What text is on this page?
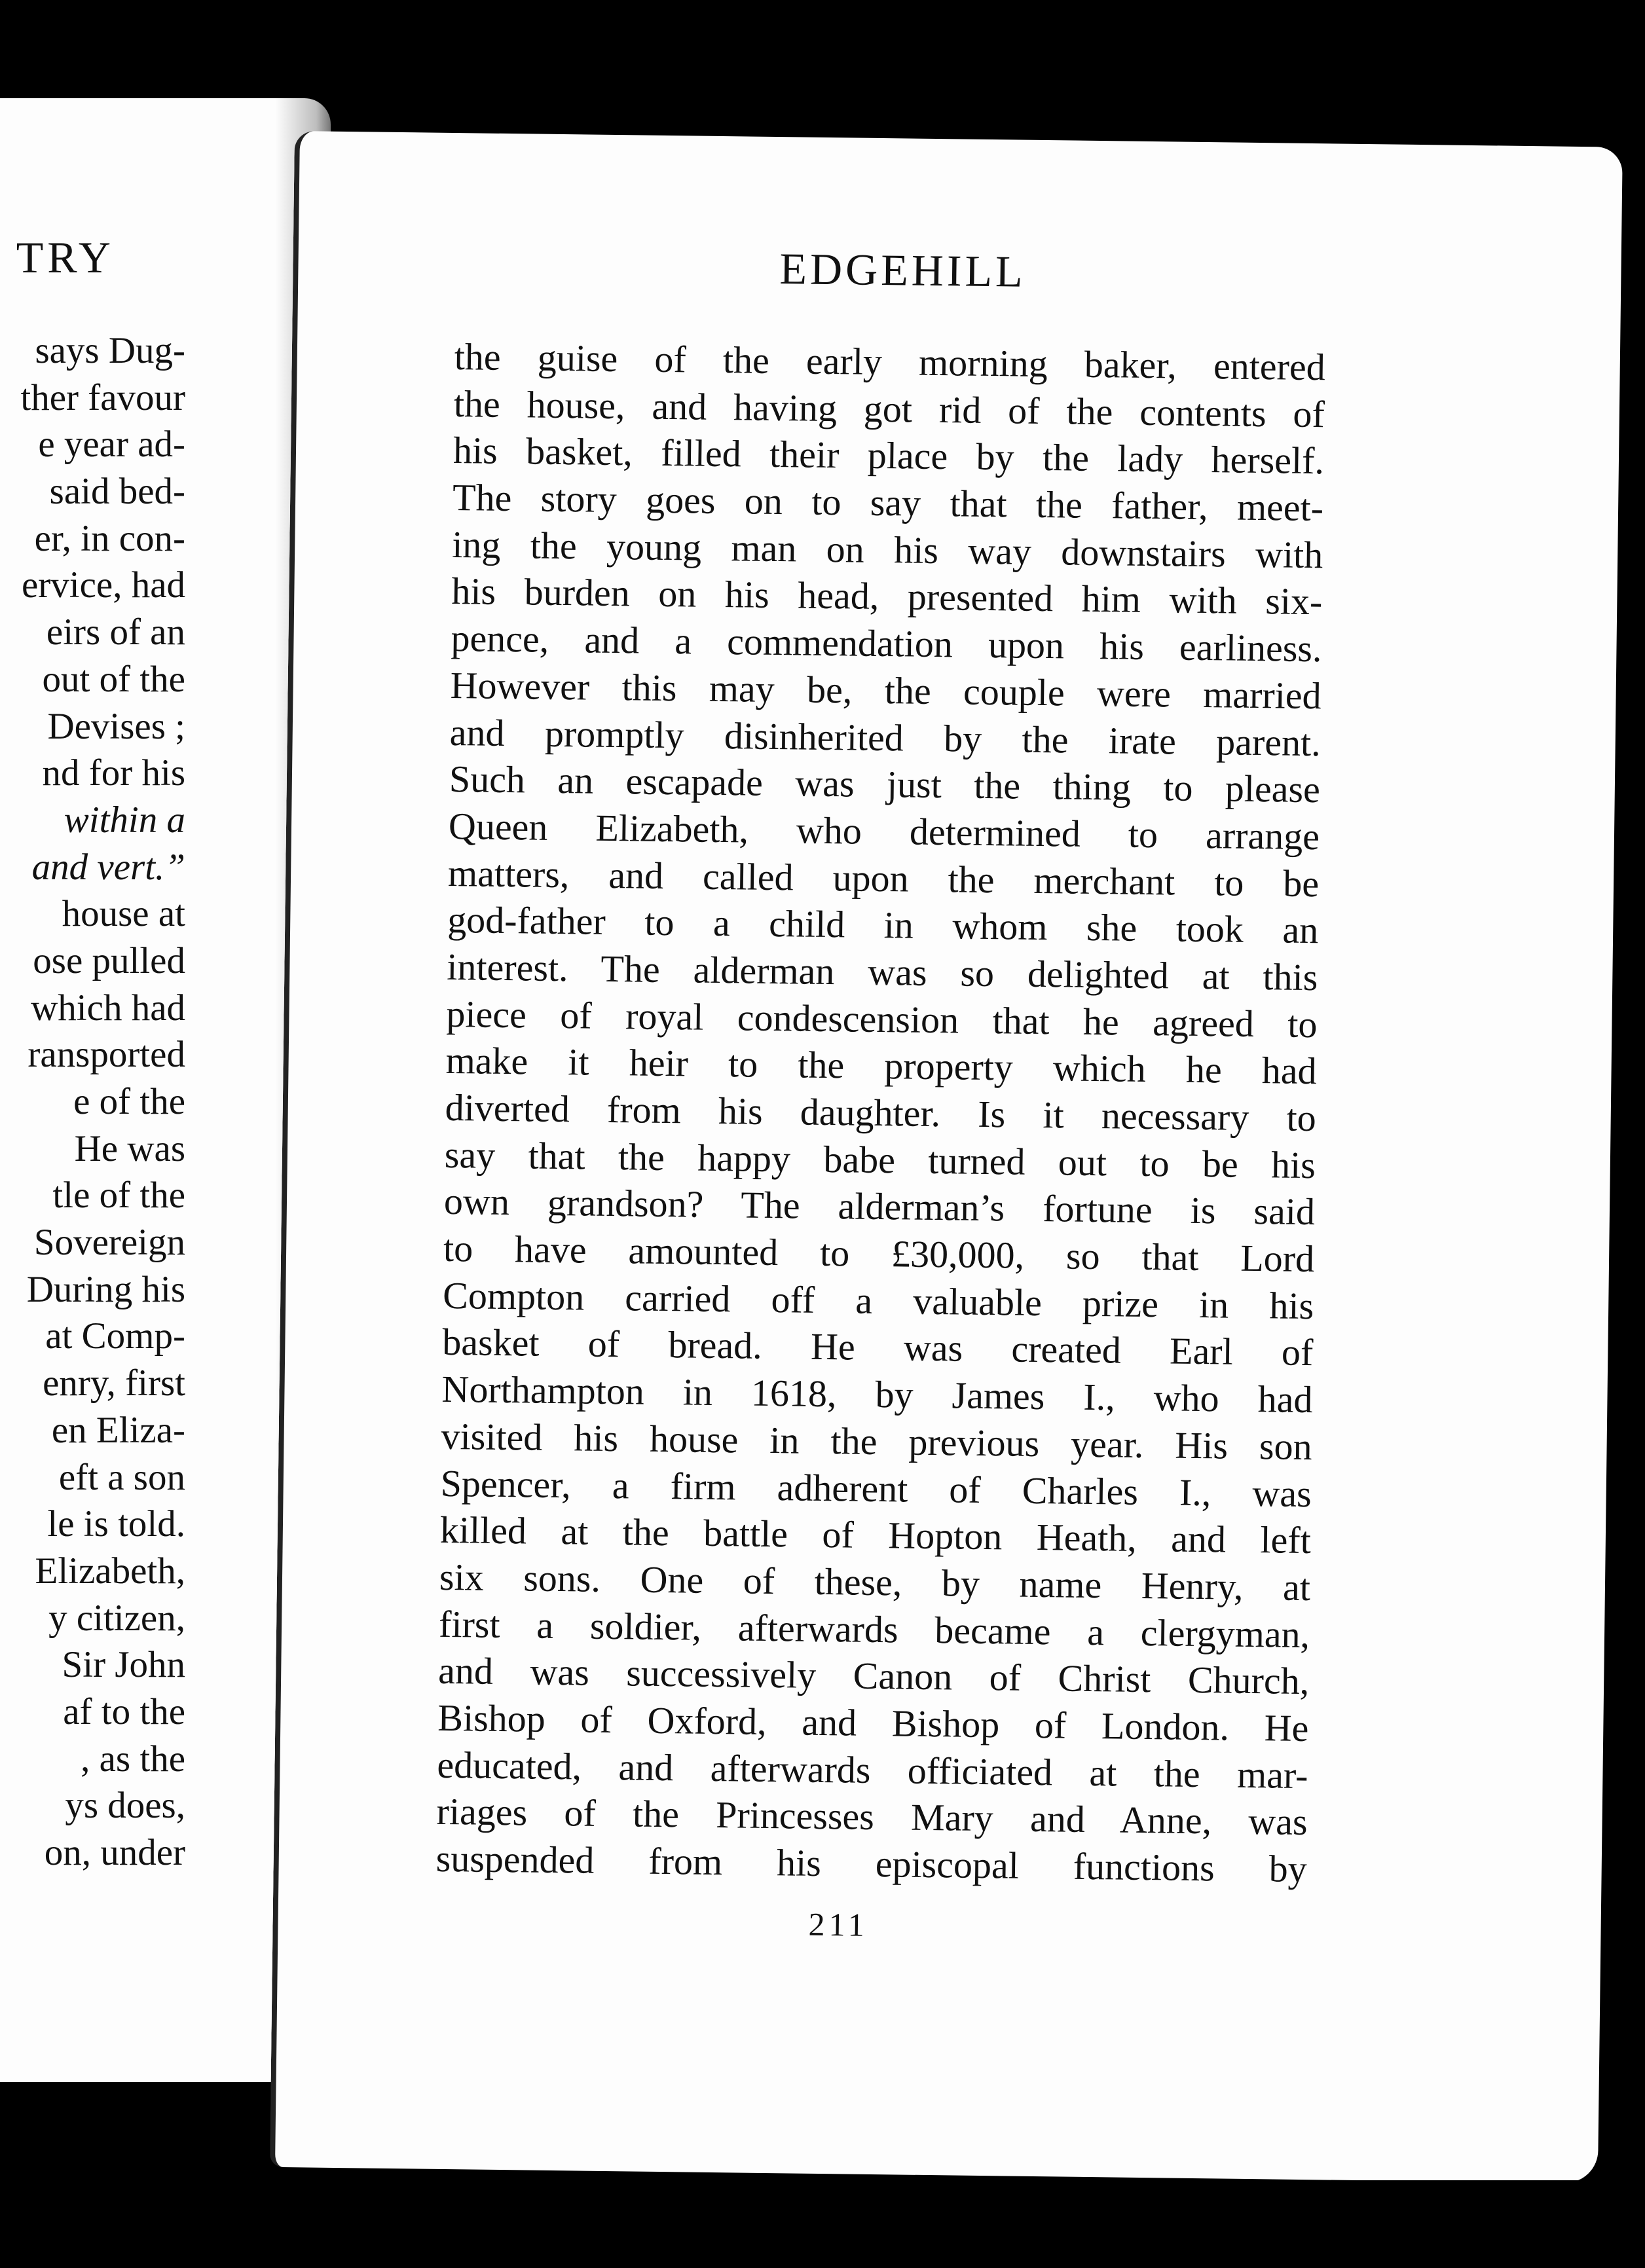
TRY
says Dug-
ther favour
e year ad-
said bed-
er, in con-
ervice, had
eirs of an
out of the
Devises ;
nd for his
within a
and vert.”
house at
ose pulled
which had
ransported
e of the
He was
tle of the
Sovereign
During his
at Comp-
enry, first
en Eliza-
eft a son
le is told.
Elizabeth,
y citizen,
Sir John
af to the
, as the
ys does,
on, under
EDGEHILL
the guise of the early morning baker, entered
the house, and having got rid of the contents of
his basket, filled their place by the lady herself.
The story goes on to say that the father, meet-
ing the young man on his way downstairs with
his burden on his head, presented him with six-
pence, and a commendation upon his earliness.
However this may be, the couple were married
and promptly disinherited by the irate parent.
Such an escapade was just the thing to please
Queen Elizabeth, who determined to arrange
matters, and called upon the merchant to be
god-father to a child in whom she took an
interest. The alderman was so delighted at this
piece of royal condescension that he agreed to
make it heir to the property which he had
diverted from his daughter. Is it necessary to
say that the happy babe turned out to be his
own grandson? The alderman’s fortune is said
to have amounted to £30,000, so that Lord
Compton carried off a valuable prize in his
basket of bread. He was created Earl of
Northampton in 1618, by James I., who had
visited his house in the previous year. His son
Spencer, a firm adherent of Charles I., was
killed at the battle of Hopton Heath, and left
six sons. One of these, by name Henry, at
first a soldier, afterwards became a clergyman,
and was successively Canon of Christ Church,
Bishop of Oxford, and Bishop of London. He
educated, and afterwards officiated at the mar-
riages of the Princesses Mary and Anne, was
suspended from his episcopal functions by

211
